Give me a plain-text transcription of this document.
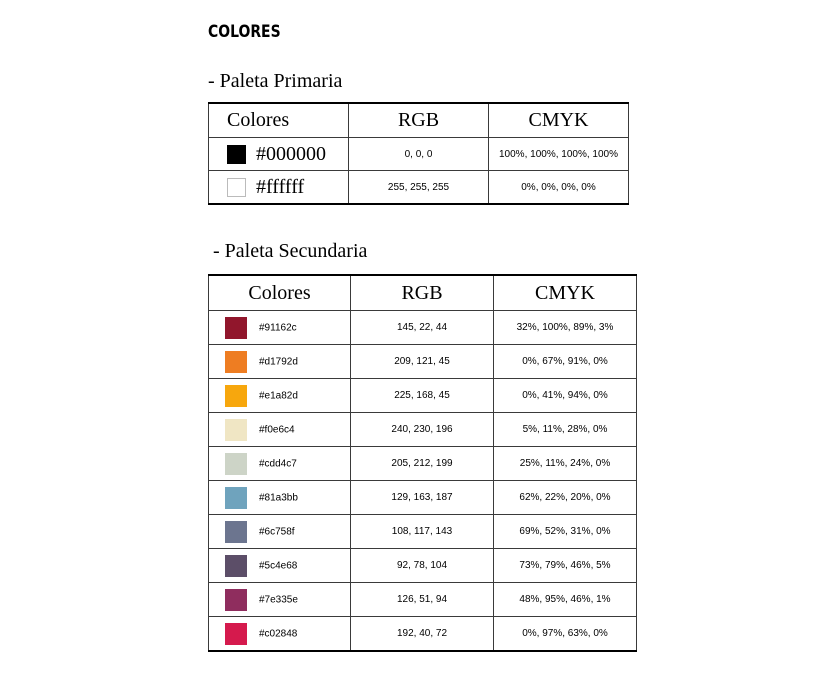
COLORES
- Paleta Primaria
Colores	RGB	CMYK
#000000	0, 0, 0	100%, 100%, 100%, 100%
#ffffff	255, 255, 255	0%, 0%, 0%, 0%
- Paleta Secundaria
Colores	RGB	CMYK
#91162c	145, 22, 44	32%, 100%, 89%, 3%
#d1792d	209, 121, 45	0%, 67%, 91%, 0%
#e1a82d	225, 168, 45	0%, 41%, 94%, 0%
#f0e6c4	240, 230, 196	5%, 11%, 28%, 0%
#cdd4c7	205, 212, 199	25%, 11%, 24%, 0%
#81a3bb	129, 163, 187	62%, 22%, 20%, 0%
#6c758f	108, 117, 143	69%, 52%, 31%, 0%
#5c4e68	92, 78, 104	73%, 79%, 46%, 5%
#7e335e	126, 51, 94	48%, 95%, 46%, 1%
#c02848	192, 40, 72	0%, 97%, 63%, 0%
